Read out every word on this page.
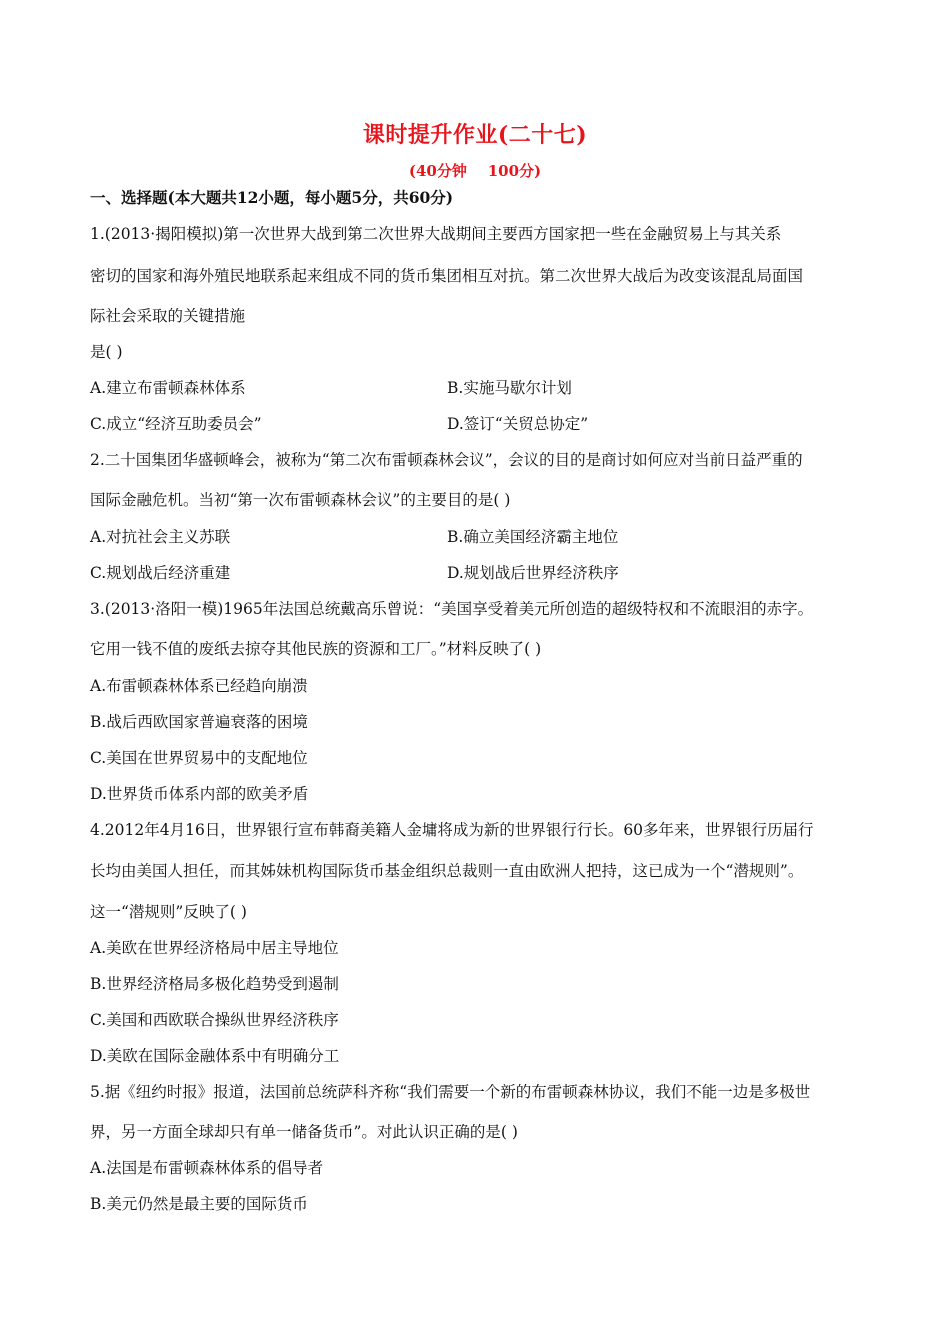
课时提升作业(二十七)
(40分钟    100分)
一、选择题(本大题共12小题，每小题5分，共60分)
1.(2013·揭阳模拟)第一次世界大战到第二次世界大战期间主要西方国家把一些在金融贸易上与其关系
密切的国家和海外殖民地联系起来组成不同的货币集团相互对抗。第二次世界大战后为改变该混乱局面国
际社会采取的关键措施
是( )
A.建立布雷顿森林体系	B.实施马歇尔计划
C.成立“经济互助委员会”	D.签订“关贸总协定”
2.二十国集团华盛顿峰会，被称为“第二次布雷顿森林会议”，会议的目的是商讨如何应对当前日益严重的
国际金融危机。当初“第一次布雷顿森林会议”的主要目的是( )
A.对抗社会主义苏联	B.确立美国经济霸主地位
C.规划战后经济重建	D.规划战后世界经济秩序
3.(2013·洛阳一模)1965年法国总统戴高乐曾说：“美国享受着美元所创造的超级特权和不流眼泪的赤字。
它用一钱不值的废纸去掠夺其他民族的资源和工厂。”材料反映了( )
A.布雷顿森林体系已经趋向崩溃
B.战后西欧国家普遍衰落的困境
C.美国在世界贸易中的支配地位
D.世界货币体系内部的欧美矛盾
4.2012年4月16日，世界银行宣布韩裔美籍人金墉将成为新的世界银行行长。60多年来，世界银行历届行
长均由美国人担任，而其姊妹机构国际货币基金组织总裁则一直由欧洲人把持，这已成为一个“潜规则”。
这一“潜规则”反映了( )
A.美欧在世界经济格局中居主导地位
B.世界经济格局多极化趋势受到遏制
C.美国和西欧联合操纵世界经济秩序
D.美欧在国际金融体系中有明确分工
5.据《纽约时报》报道，法国前总统萨科齐称“我们需要一个新的布雷顿森林协议，我们不能一边是多极世
界，另一方面全球却只有单一储备货币”。对此认识正确的是( )
A.法国是布雷顿森林体系的倡导者
B.美元仍然是最主要的国际货币
